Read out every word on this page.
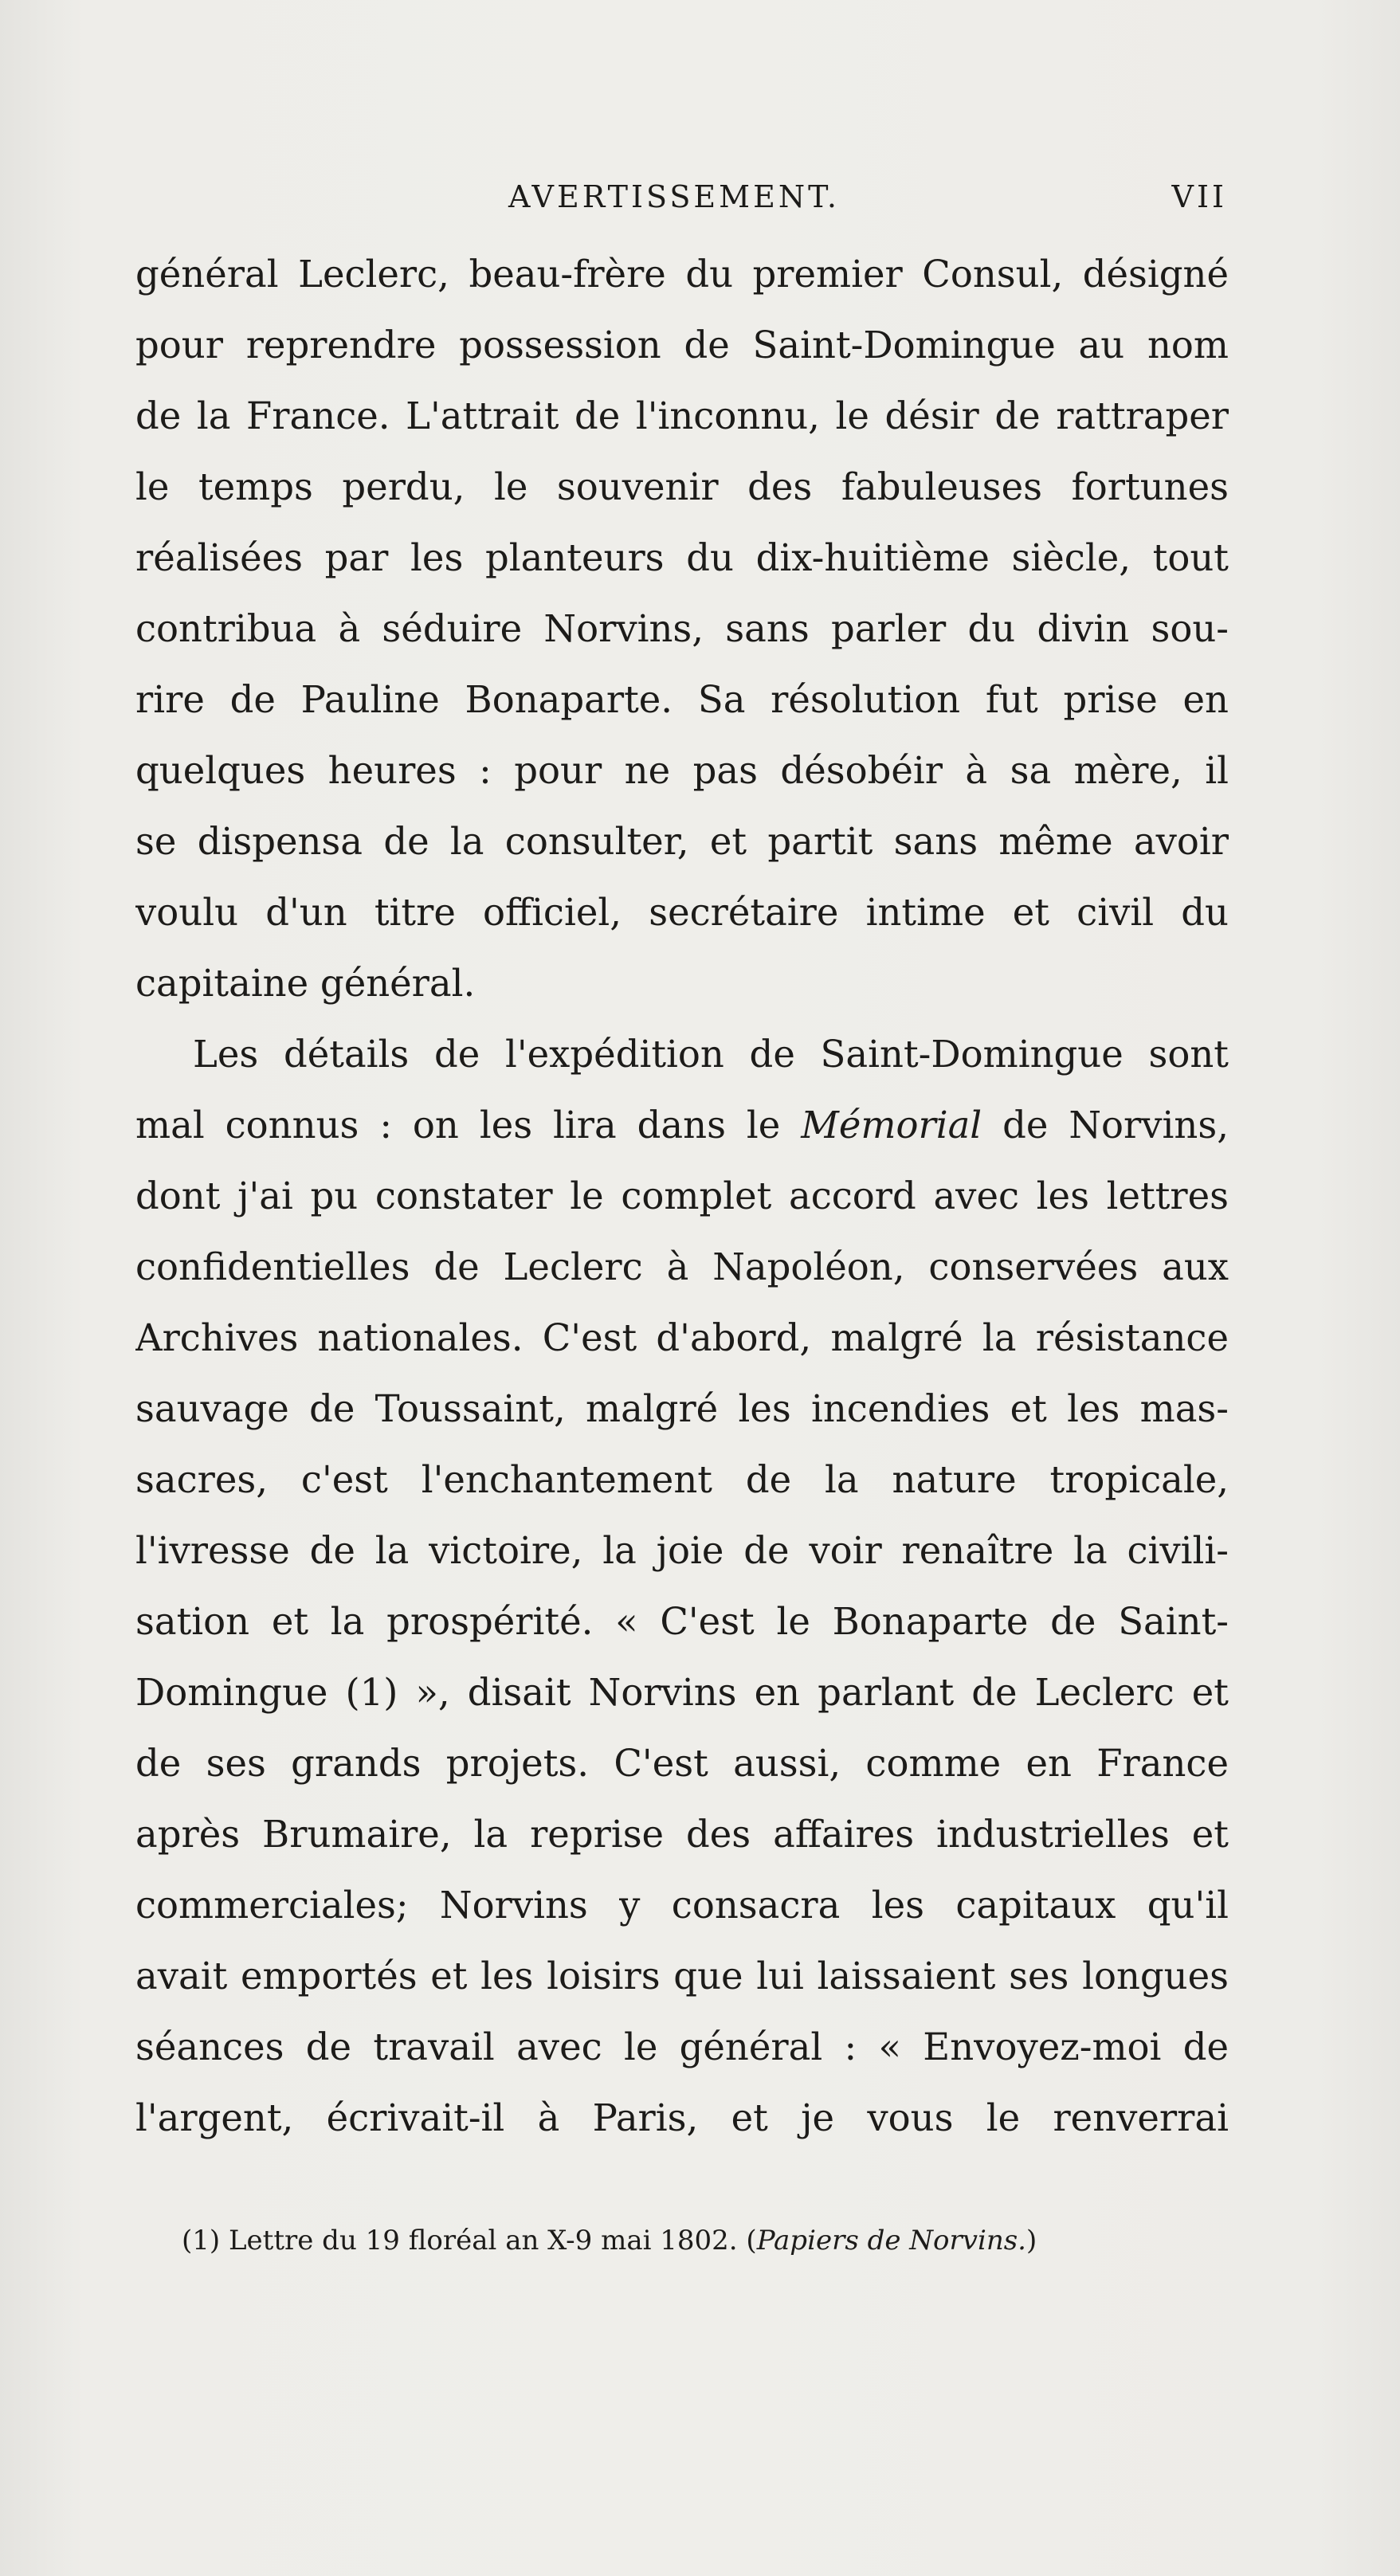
AVERTISSEMENT.	VII
général Leclerc, beau-frère du premier Consul, désigné
pour reprendre possession de Saint-Domingue au nom
de la France. L'attrait de l'inconnu, le désir de rattraper
le temps perdu, le souvenir des fabuleuses fortunes
réalisées par les planteurs du dix-huitième siècle, tout
contribua à séduire Norvins, sans parler du divin sou-
rire de Pauline Bonaparte. Sa résolution fut prise en
quelques heures : pour ne pas désobéir à sa mère, il
se dispensa de la consulter, et partit sans même avoir
voulu d'un titre officiel, secrétaire intime et civil du
capitaine général.
Les détails de l'expédition de Saint-Domingue sont
mal connus : on les lira dans le Mémorial de Norvins,
dont j'ai pu constater le complet accord avec les lettres
confidentielles de Leclerc à Napoléon, conservées aux
Archives nationales. C'est d'abord, malgré la résistance
sauvage de Toussaint, malgré les incendies et les mas-
sacres, c'est l'enchantement de la nature tropicale,
l'ivresse de la victoire, la joie de voir renaître la civili-
sation et la prospérité. « C'est le Bonaparte de Saint-
Domingue (1) », disait Norvins en parlant de Leclerc et
de ses grands projets. C'est aussi, comme en France
après Brumaire, la reprise des affaires industrielles et
commerciales; Norvins y consacra les capitaux qu'il
avait emportés et les loisirs que lui laissaient ses longues
séances de travail avec le général : « Envoyez-moi de
l'argent, écrivait-il à Paris, et je vous le renverrai
(1) Lettre du 19 floréal an X-9 mai 1802. (Papiers de Norvins.)
